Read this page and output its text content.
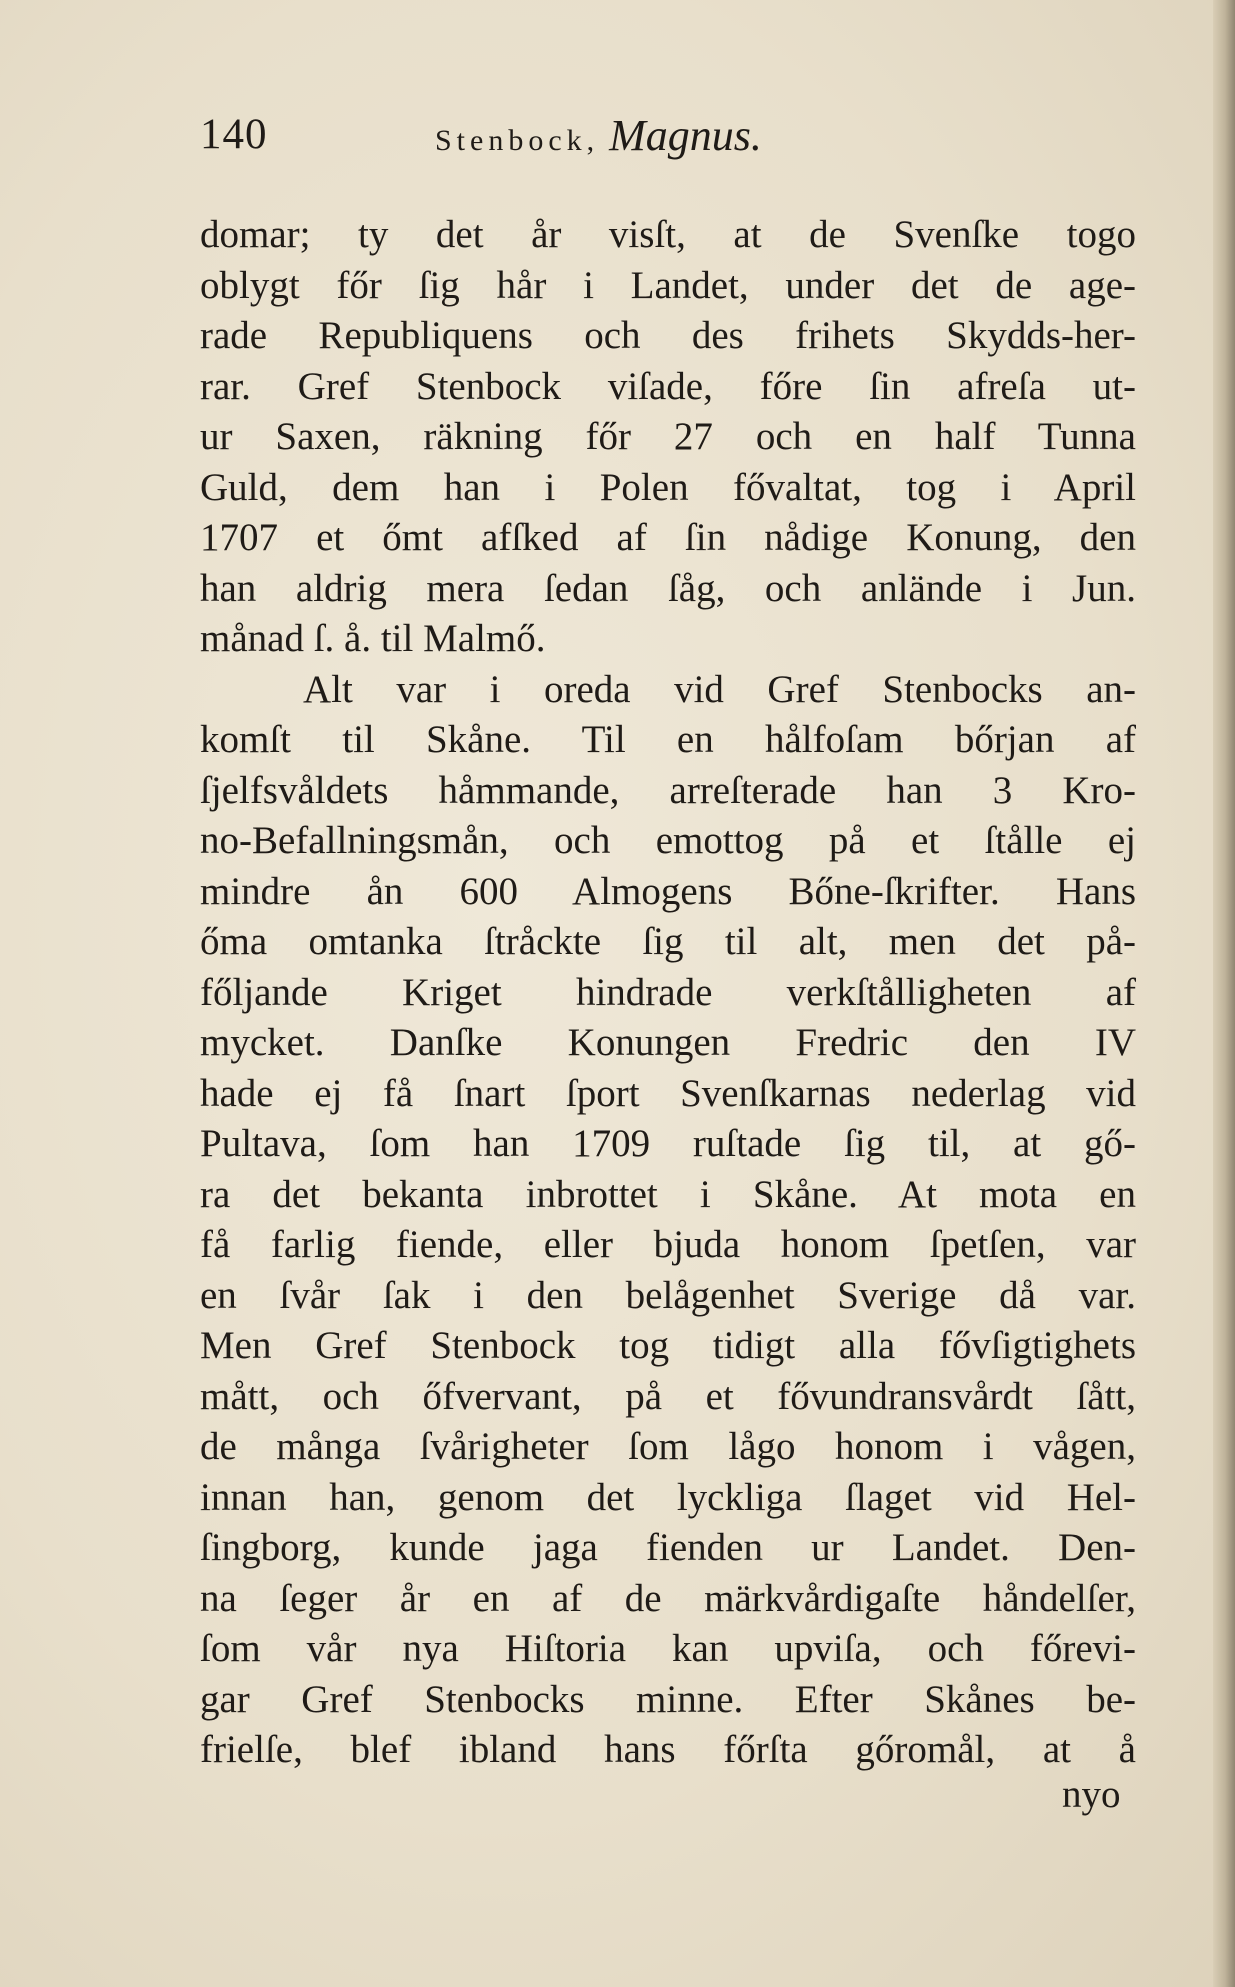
140	Stenbock, Magnus.
domar; ty det år visſt, at de Svenſke togo
oblygt főr ſig hår i Landet, under det de age-
rade Republiquens och des frihets Skydds-her-
rar. Gref Stenbock viſade, főre ſin afreſa ut-
ur Saxen, räkning főr 27 och en half Tunna
Guld, dem han i Polen fővaltat, tog i April
1707 et őmt afſked af ſin nådige Konung, den
han aldrig mera ſedan ſåg, och anlände i Jun.
månad ſ. å. til Malmő.
Alt var i oreda vid Gref Stenbocks an-
komſt til Skåne. Til en hålfoſam bőrjan af
ſjelfsvåldets håmmande, arreſterade han 3 Kro-
no-Befallningsmån, och emottog på et ſtålle ej
mindre ån 600 Almogens Bőne-ſkrifter. Hans
őma omtanka ſtråckte ſig til alt, men det på-
főljande Kriget hindrade verkſtålligheten af
mycket. Danſke Konungen Fredric den IV
hade ej få ſnart ſport Svenſkarnas nederlag vid
Pultava, ſom han 1709 ruſtade ſig til, at gő-
ra det bekanta inbrottet i Skåne. At mota en
få farlig fiende, eller bjuda honom ſpetſen, var
en ſvår ſak i den belågenhet Sverige då var.
Men Gref Stenbock tog tidigt alla fővſigtighets
mått, och őfvervant, på et fővundransvårdt ſått,
de många ſvårigheter ſom lågo honom i vågen,
innan han, genom det lyckliga ſlaget vid Hel-
ſingborg, kunde jaga fienden ur Landet. Den-
na ſeger år en af de märkvårdigaſte håndelſer,
ſom vår nya Hiſtoria kan upviſa, och főrevi-
gar Gref Stenbocks minne. Efter Skånes be-
frielſe, blef ibland hans főrſta gőromål, at å
nyo
